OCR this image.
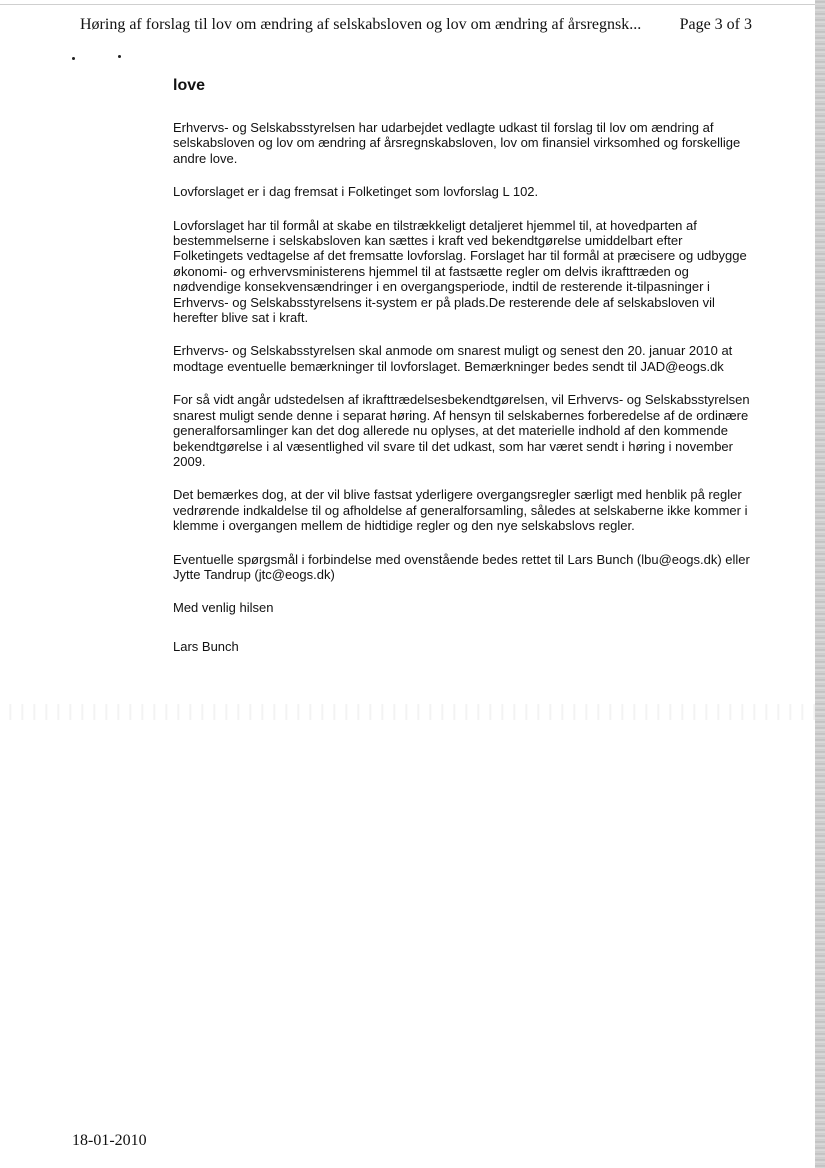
Høring af forslag til lov om ændring af selskabsloven og lov om ændring af årsregnsk... Page 3 of 3
love

Erhvervs- og Selskabsstyrelsen har udarbejdet vedlagte udkast til forslag til lov om ændring af selskabsloven og lov om ændring af årsregnskabsloven, lov om finansiel virksomhed og forskellige andre love.

Lovforslaget er i dag fremsat i Folketinget som lovforslag L 102.

Lovforslaget har til formål at skabe en tilstrækkeligt detaljeret hjemmel til, at hovedparten af bestemmelserne i selskabsloven kan sættes i kraft ved bekendtgørelse umiddelbart efter Folketingets vedtagelse af det fremsatte lovforslag. Forslaget har til formål at præcisere og udbygge økonomi- og erhvervsministerens hjemmel til at fastsætte regler om delvis ikrafttræden og nødvendige konsekvensændringer i en overgangsperiode, indtil de resterende it-tilpasninger i Erhvervs- og Selskabsstyrelsens it-system er på plads.De resterende dele af selskabsloven vil herefter blive sat i kraft.

Erhvervs- og Selskabsstyrelsen skal anmode om snarest muligt og senest den 20. januar 2010 at modtage eventuelle bemærkninger til lovforslaget. Bemærkninger bedes sendt til JAD@eogs.dk

For så vidt angår udstedelsen af ikrafttrædelsesbekendtgørelsen, vil Erhvervs- og Selskabsstyrelsen snarest muligt sende denne i separat høring. Af hensyn til selskabernes forberedelse af de ordinære generalforsamlinger kan det dog allerede nu oplyses, at det materielle indhold af den kommende bekendtgørelse i al væsentlighed vil svare til det udkast, som har været sendt i høring i november 2009.

Det bemærkes dog, at der vil blive fastsat yderligere overgangsregler særligt med henblik på regler vedrørende indkaldelse til og afholdelse af generalforsamling, således at selskaberne ikke kommer i klemme i overgangen mellem de hidtidige regler og den nye selskabslovs regler.

Eventuelle spørgsmål i forbindelse med ovenstående bedes rettet til Lars Bunch (lbu@eogs.dk) eller Jytte Tandrup (jtc@eogs.dk)

Med venlig hilsen

Lars Bunch

18-01-2010
